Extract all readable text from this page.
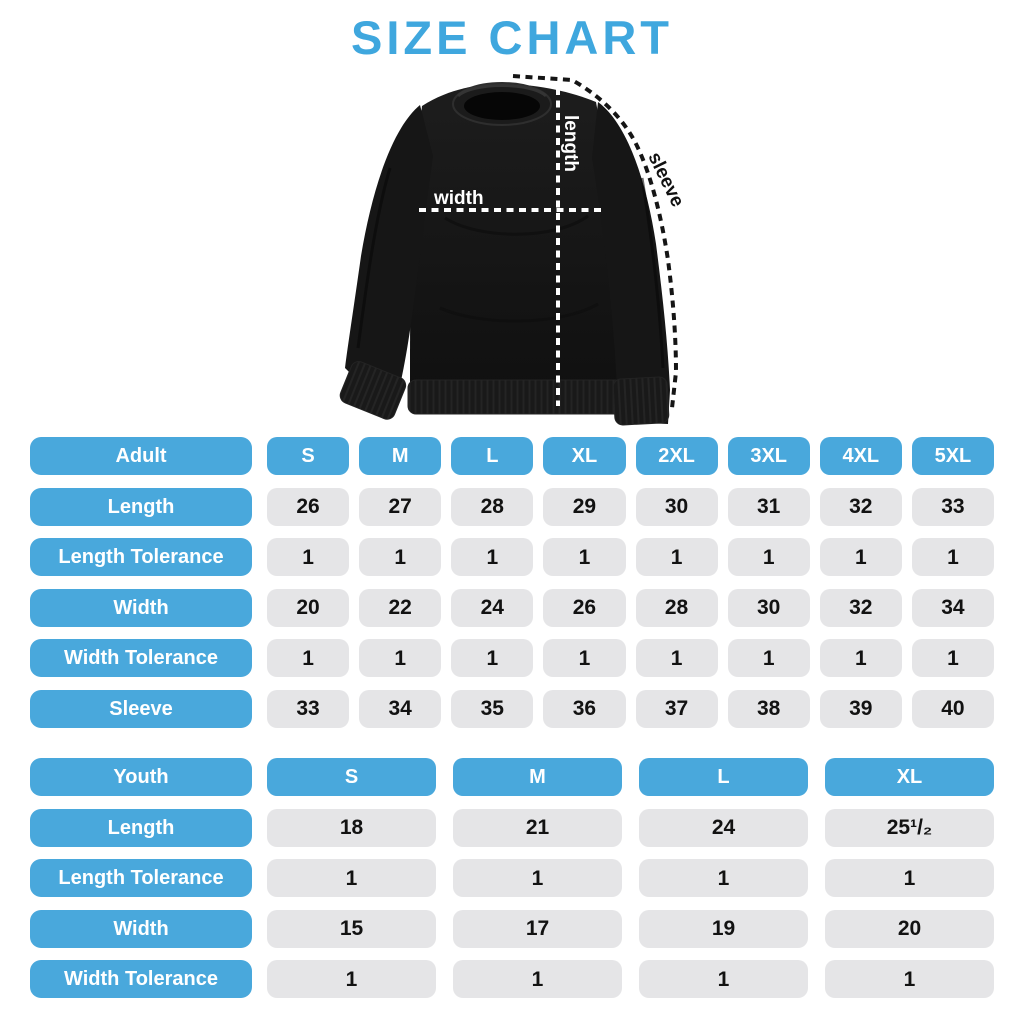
SIZE CHART
width
length
sleeve
Adult	S	M	L	XL	2XL	3XL	4XL	5XL
Length	26	27	28	29	30	31	32	33
Length Tolerance	1	1	1	1	1	1	1	1
Width	20	22	24	26	28	30	32	34
Width Tolerance	1	1	1	1	1	1	1	1
Sleeve	33	34	35	36	37	38	39	40
Youth	S	M	L	XL
Length	18	21	24	25¹/₂
Length Tolerance	1	1	1	1
Width	15	17	19	20
Width Tolerance	1	1	1	1
